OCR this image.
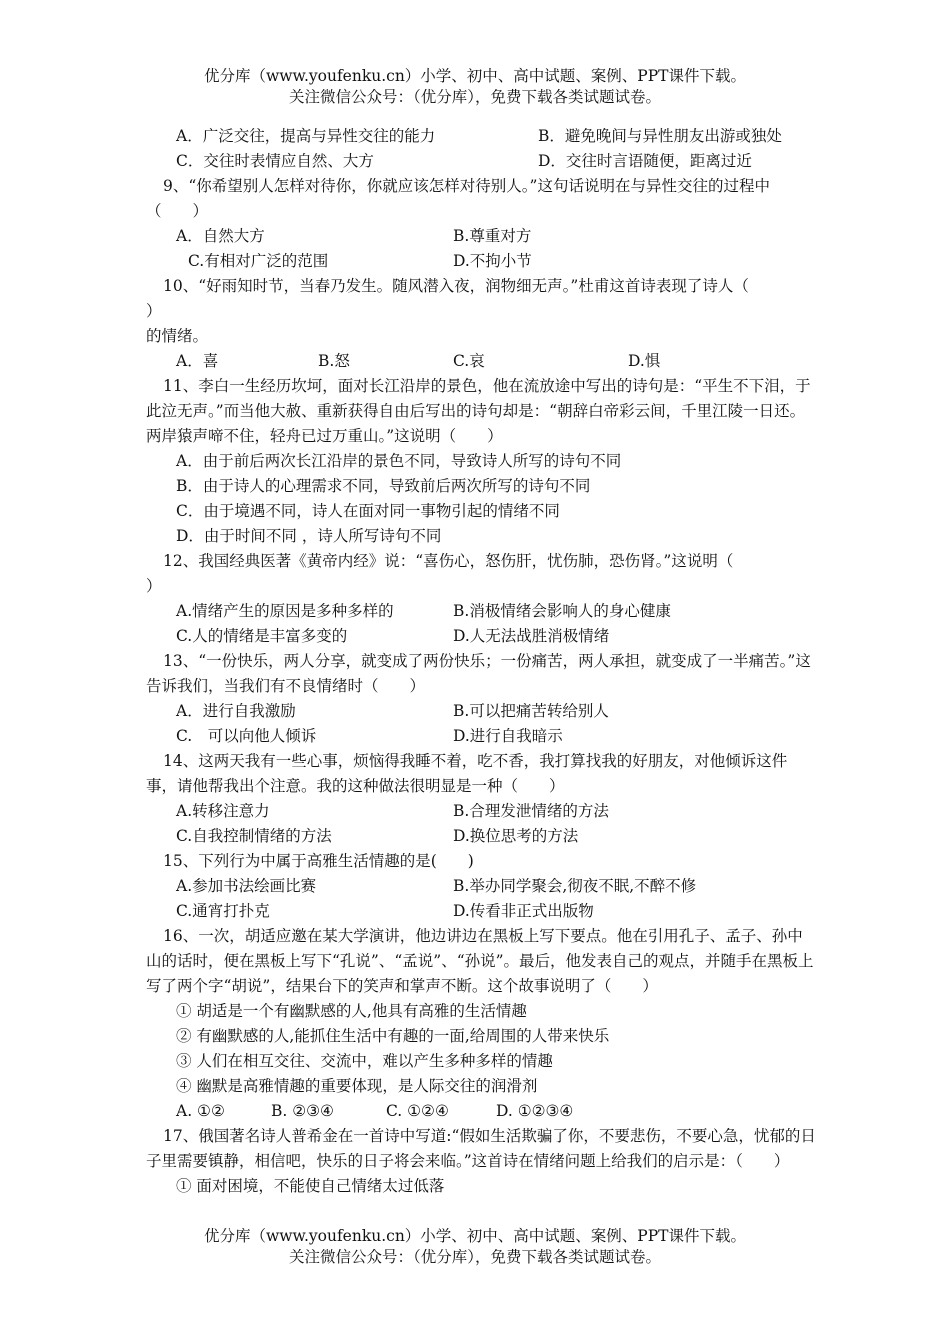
优分库（www.youfenku.cn）小学、初中、高中试题、案例、PPT课件下载。
关注微信公众号：（优分库），免费下载各类试题试卷。
A．广泛交往，提高与异性交往的能力	B．避免晚间与异性朋友出游或独处
C．交往时表情应自然、大方	D．交往时言语随便，距离过近

9、“你希望别人怎样对待你，你就应该怎样对待别人。”这句话说明在与异性交往的过程中（　　）

A．自然大方	B.尊重对方
C.有相对广泛的范围	D.不拘小节
10、“好雨知时节，当春乃发生。随风潜入夜，润物细无声。”杜甫这首诗表现了诗人（
）
的情绪。
A．喜	B.怒	C.哀	D.惧

11、李白一生经历坎坷，面对长江沿岸的景色，他在流放途中写出的诗句是：“平生不下泪，于此泣无声。”而当他大赦、重新获得自由后写出的诗句却是：“朝辞白帝彩云间，千里江陵一日还。两岸猿声啼不住，轻舟已过万重山。”这说明（　　）

A．由于前后两次长江沿岸的景色不同，导致诗人所写的诗句不同
B．由于诗人的心理需求不同，导致前后两次所写的诗句不同
C．由于境遇不同，诗人在面对同一事物引起的情绪不同
D．由于时间不同 ，诗人所写诗句不同
12、我国经典医著《黄帝内经》说：“喜伤心，怒伤肝，忧伤肺，恐伤肾。”这说明（
）
A.情绪产生的原因是多种多样的	B.消极情绪会影响人的身心健康
C.人的情绪是丰富多变的	D.人无法战胜消极情绪

13、“一份快乐，两人分享，就变成了两份快乐；一份痛苦，两人承担，就变成了一半痛苦。”这告诉我们，当我们有不良情绪时（　　）

A．进行自我激励	B.可以把痛苦转给别人
C.　可以向他人倾诉	D.进行自我暗示

14、这两天我有一些心事，烦恼得我睡不着，吃不香，我打算找我的好朋友，对他倾诉这件事，请他帮我出个注意。我的这种做法很明显是一种（　　）

A.转移注意力	B.合理发泄情绪的方法
C.自我控制情绪的方法	D.换位思考的方法
15、下列行为中属于高雅生活情趣的是(　　)
A.参加书法绘画比赛	B.举办同学聚会,彻夜不眠,不醉不修
C.通宵打扑克	D.传看非正式出版物

16、一次，胡适应邀在某大学演讲，他边讲边在黑板上写下要点。他在引用孔子、孟子、孙中山的话时，便在黑板上写下“孔说”、“孟说”、“孙说”。最后，他发表自己的观点，并随手在黑板上写了两个字“胡说”，结果台下的笑声和掌声不断。这个故事说明了（　　）

① 胡适是一个有幽默感的人,他具有高雅的生活情趣
② 有幽默感的人,能抓住生活中有趣的一面,给周围的人带来快乐
③ 人们在相互交往、交流中，难以产生多种多样的情趣
④ 幽默是高雅情趣的重要体现，是人际交往的润滑剂
A. ①②	B. ②③④	C. ①②④	D. ①②③④

17、俄国著名诗人普希金在一首诗中写道:“假如生活欺骗了你，不要悲伤，不要心急，忧郁的日子里需要镇静，相信吧，快乐的日子将会来临。”这首诗在情绪问题上给我们的启示是：（　　）

① 面对困境，不能使自己情绪太过低落
优分库（www.youfenku.cn）小学、初中、高中试题、案例、PPT课件下载。
关注微信公众号：（优分库），免费下载各类试题试卷。
